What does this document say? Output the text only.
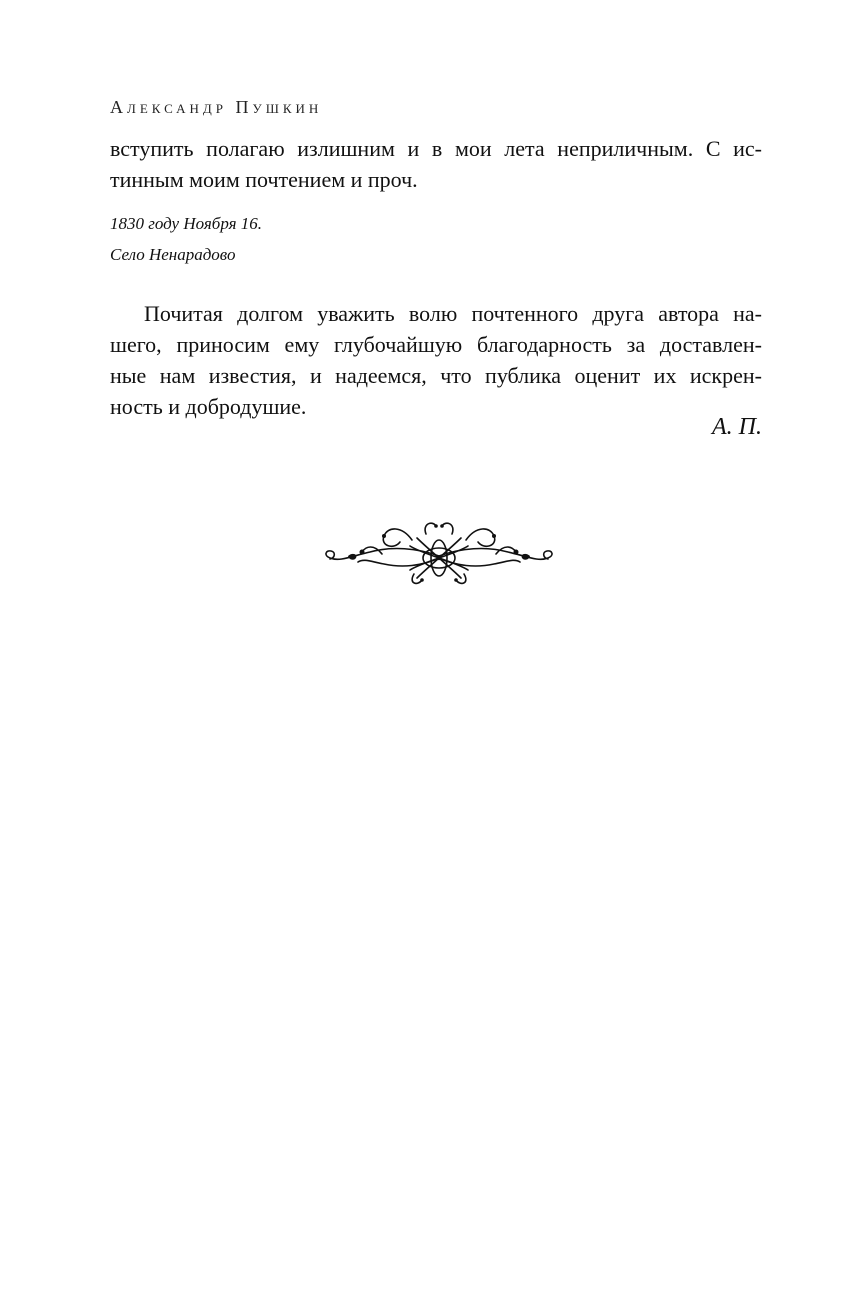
Александр Пушкин
вступить полагаю излишним и в мои лета неприличным. С ис-
тинным моим почтением и проч.
1830 году Ноября 16.
Село Ненарадово
Почитая долгом уважить волю почтенного друга автора на-
шего, приносим ему глубочайшую благодарность за доставлен-
ные нам известия, и надеемся, что публика оценит их искрен-
ность и добродушие.
А. П.
